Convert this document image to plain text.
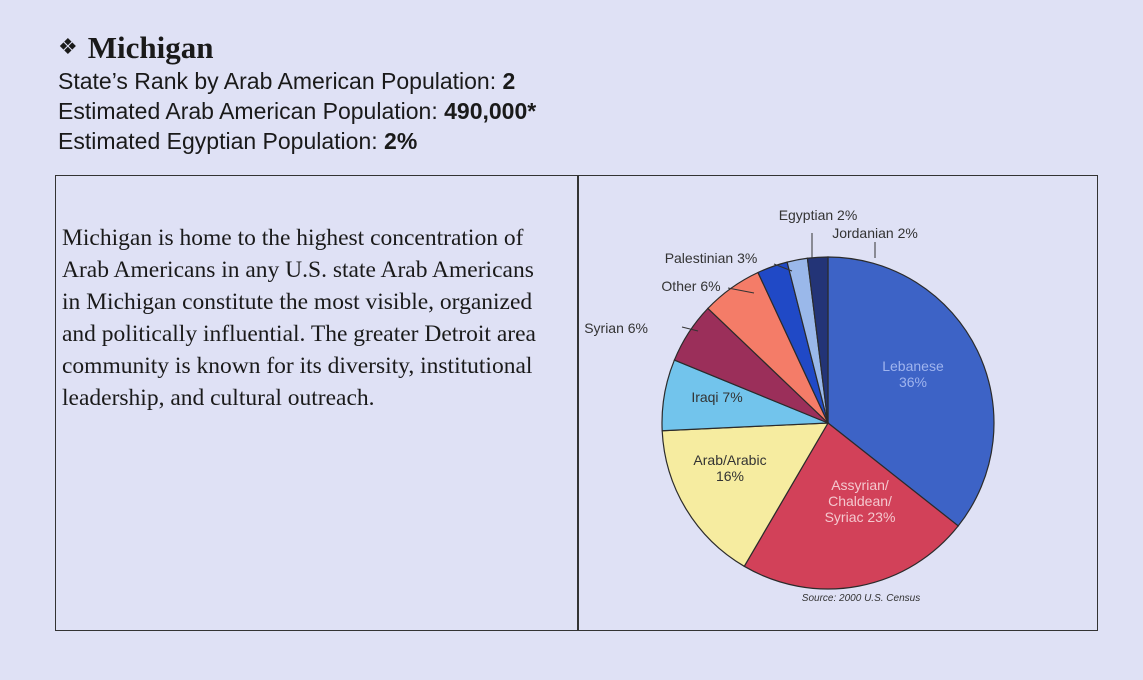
❖ Michigan
State’s Rank by Arab American Population: 2
Estimated Arab American Population: 490,000*
Estimated Egyptian Population: 2%
Michigan is home to the highest concentration of Arab Americans in any U.S. state Arab Americans in Michigan constitute the most visible, organized and politically influential. The greater Detroit area community is known for its diversity, institutional leadership, and cultural outreach.
Lebanese 36%
Assyrian/ Chaldean/ Syriac 23%
Arab/Arabic 16%
Iraqi 7%
Syrian 6%
Other 6%
Palestinian 3%
Egyptian 2%
Jordanian 2%
Source: 2000 U.S. Census
